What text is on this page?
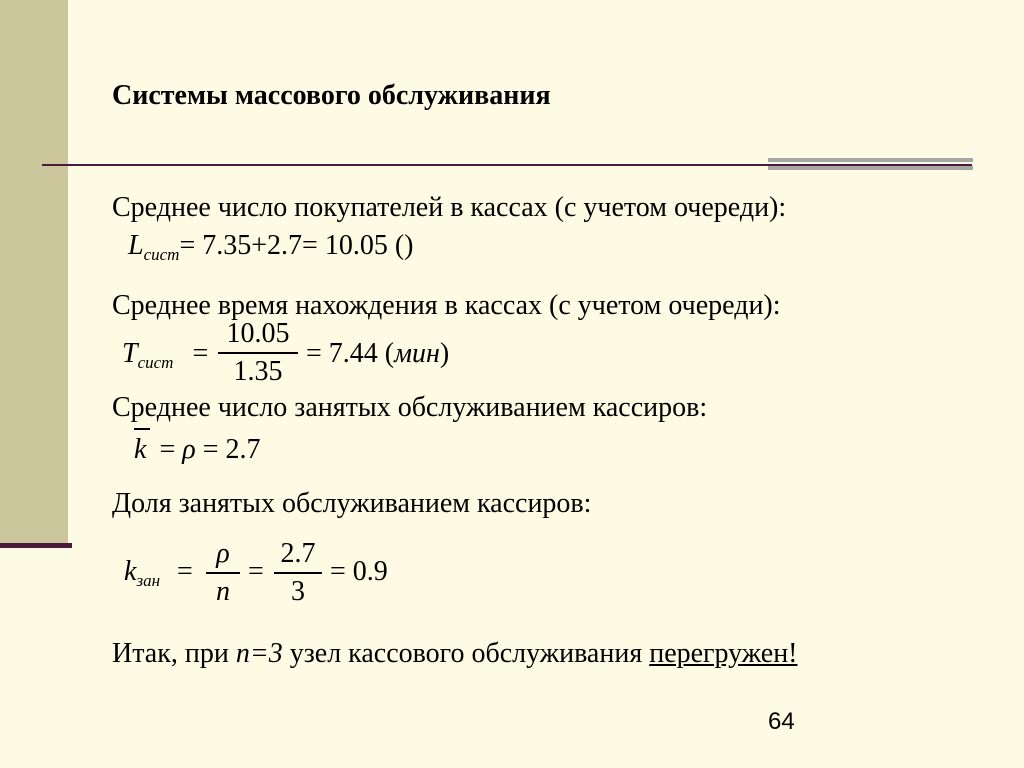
Системы массового обслуживания
Среднее число покупателей в кассах (с учетом очереди):
$L_{сист}= 7.35+2.7= 10.05$ ()
Среднее время нахождения в кассах (с учетом очереди):
$T_{сист}$ =
10.05
1.35
= 7.44 (мин)
Среднее число занятых обслуживанием кассиров:
k = ρ = 2.7
Доля занятых обслуживанием кассиров:
$k_{зан}$ =
ρ
n
=
2.7
3
= 0.9
Итак, при n=3 узел кассового обслуживания перегружен!
64
